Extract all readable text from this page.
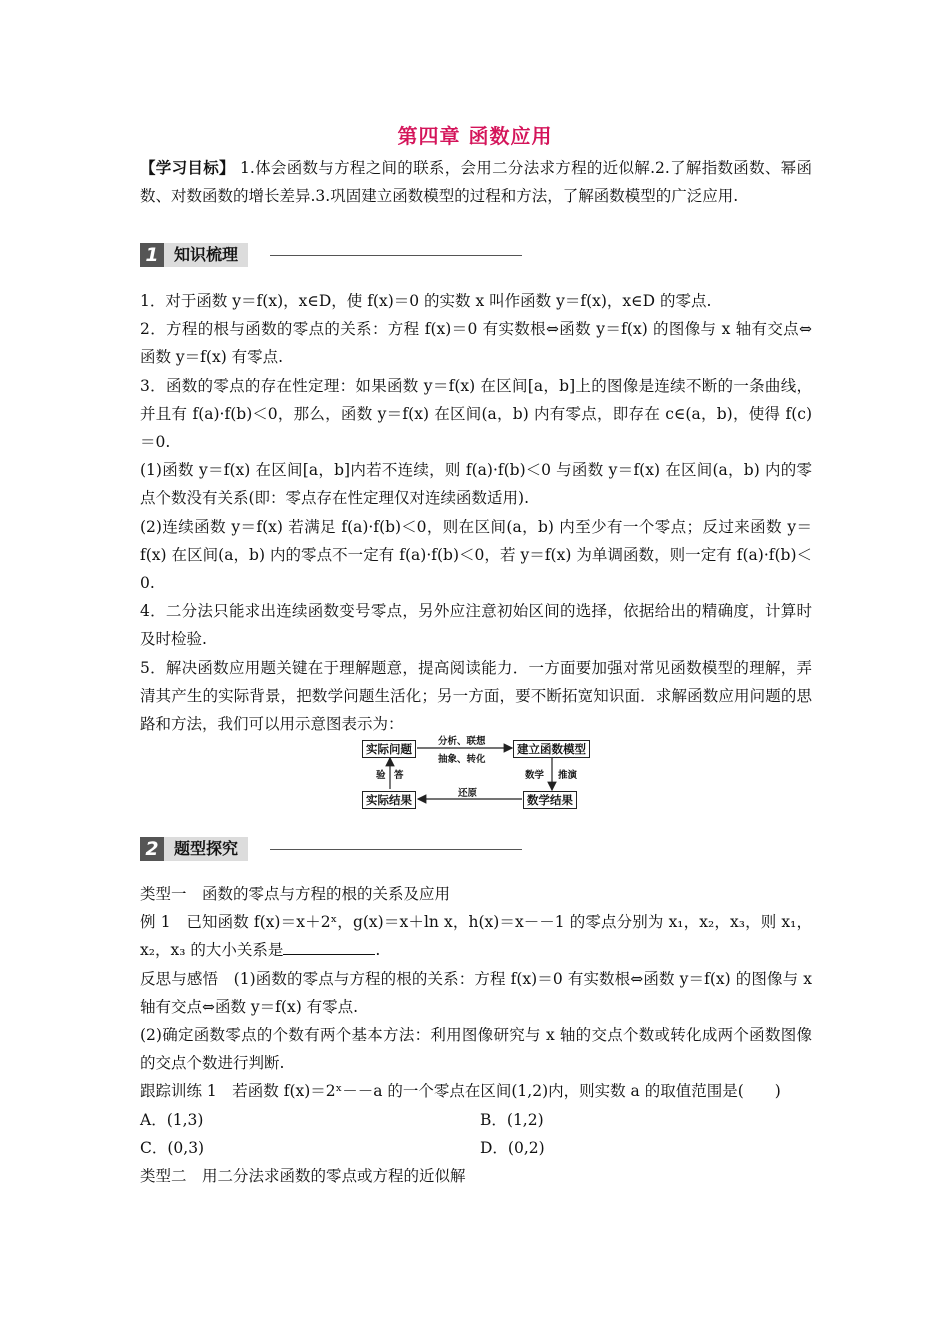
第四章 函数应用

【学习目标】 1.体会函数与方程之间的联系，会用二分法求方程的近似解.2.了解指数函数、幂函数、对数函数的增长差异.3.巩固建立函数模型的过程和方法，了解函数模型的广泛应用.

1 知识梳理

1．对于函数 y＝f(x)，x∈D，使 f(x)＝0 的实数 x 叫作函数 y＝f(x)，x∈D 的零点.

2．方程的根与函数的零点的关系：方程 f(x)＝0 有实数根⇔函数 y＝f(x) 的图像与 x 轴有交点⇔函数 y＝f(x) 有零点.

3．函数的零点的存在性定理：如果函数 y＝f(x) 在区间[a，b]上的图像是连续不断的一条曲线，并且有 f(a)·f(b)＜0，那么，函数 y＝f(x) 在区间(a，b) 内有零点，即存在 c∈(a，b)，使得 f(c)＝0.

(1)函数 y＝f(x) 在区间[a，b]内若不连续，则 f(a)·f(b)＜0 与函数 y＝f(x) 在区间(a，b) 内的零点个数没有关系(即：零点存在性定理仅对连续函数适用).

(2)连续函数 y＝f(x) 若满足 f(a)·f(b)＜0，则在区间(a，b) 内至少有一个零点；反过来函数 y＝f(x) 在区间(a，b) 内的零点不一定有 f(a)·f(b)＜0，若 y＝f(x) 为单调函数，则一定有 f(a)·f(b)＜0.

4．二分法只能求出连续函数变号零点，另外应注意初始区间的选择，依据给出的精确度，计算时及时检验.

5．解决函数应用题关键在于理解题意，提高阅读能力．一方面要加强对常见函数模型的理解，弄清其产生的实际背景，把数学问题生活化；另一方面，要不断拓宽知识面．求解函数应用问题的思路和方法，我们可以用示意图表示为：

实际问题	建立函数模型
实际结果	数学结果
分析、联想
抽象、转化
数学 推演
验 答
还原
2 题型探究

类型一　函数的零点与方程的根的关系及应用

例 1　已知函数 f(x)＝x＋2ˣ，g(x)＝x＋ln x，h(x)＝x－－1 的零点分别为 x₁，x₂，x₃，则 x₁，x₂，x₃ 的大小关系是	.

反思与感悟　(1)函数的零点与方程的根的关系：方程 f(x)＝0 有实数根⇔函数 y＝f(x) 的图像与 x 轴有交点⇔函数 y＝f(x) 有零点.

(2)确定函数零点的个数有两个基本方法：利用图像研究与 x 轴的交点个数或转化成两个函数图像的交点个数进行判断.

跟踪训练 1　若函数 f(x)＝2ˣ－－a 的一个零点在区间(1,2)内，则实数 a 的取值范围是(　　)

A．(1,3)	B．(1,2)
C．(0,3)	D．(0,2)

类型二　用二分法求函数的零点或方程的近似解
